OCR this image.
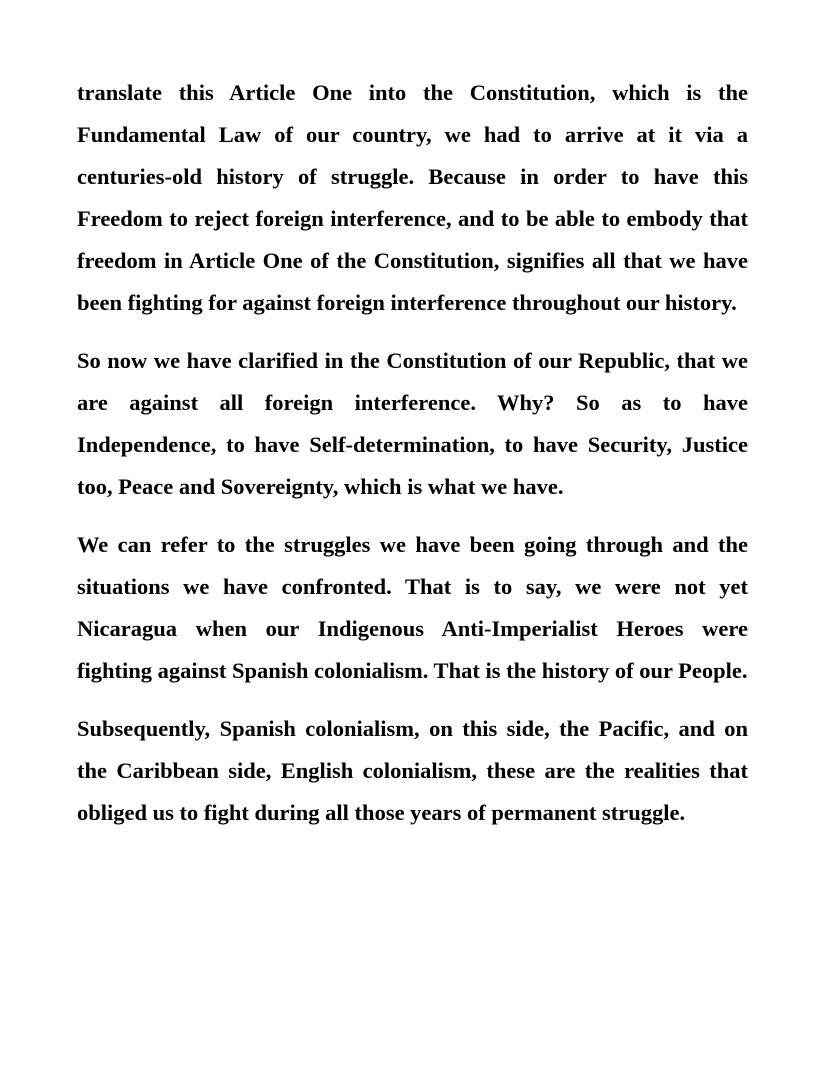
translate this Article One into the Constitution, which is the Fundamental Law of our country, we had to arrive at it via a centuries-old history of struggle. Because in order to have this Freedom to reject foreign interference, and to be able to embody that freedom in Article One of the Constitution, signifies all that we have been fighting for against foreign interference throughout our history.

So now we have clarified in the Constitution of our Republic, that we are against all foreign interference. Why? So as to have Independence, to have Self-determination, to have Security, Justice too, Peace and Sovereignty, which is what we have.

We can refer to the struggles we have been going through and the situations we have confronted. That is to say, we were not yet Nicaragua when our Indigenous Anti-Imperialist Heroes were fighting against Spanish colonialism. That is the history of our People.

Subsequently, Spanish colonialism, on this side, the Pacific, and on the Caribbean side, English colonialism, these are the realities that obliged us to fight during all those years of permanent struggle.
